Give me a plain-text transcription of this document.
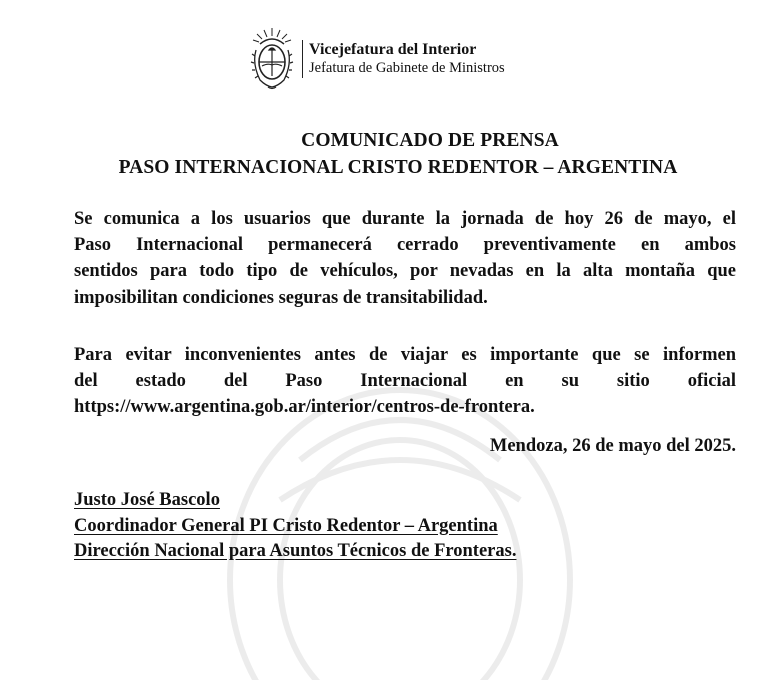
Vicejefatura del Interior
Jefatura de Gabinete de Ministros
COMUNICADO DE PRENSA
PASO INTERNACIONAL CRISTO REDENTOR – ARGENTINA
Se comunica a los usuarios que durante la jornada de hoy 26 de mayo, el
Paso Internacional permanecerá cerrado preventivamente en ambos
sentidos para todo tipo de vehículos, por nevadas en la alta montaña que
imposibilitan condiciones seguras de transitabilidad.
Para evitar inconvenientes antes de viajar es importante que se informen
del estado del Paso Internacional en su sitio oficial
https://www.argentina.gob.ar/interior/centros-de-frontera.
Mendoza, 26 de mayo del 2025.
Justo José Bascolo
Coordinador General PI Cristo Redentor – Argentina
Dirección Nacional para Asuntos Técnicos de Fronteras.
